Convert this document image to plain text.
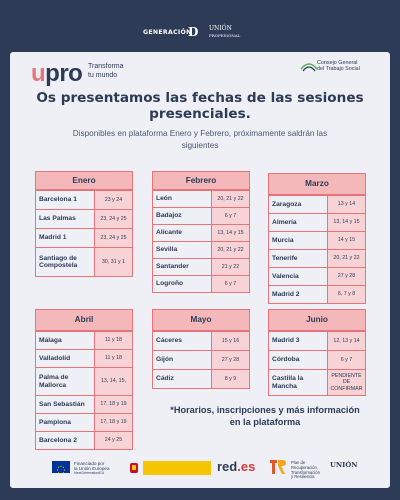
GENERACIÓN
D UNIÓN
PROFESIONAL
upro Transforma
tu mundo
Consejo General
del Trabajo Social
Os presentamos las fechas de las sesiones
presenciales.
Disponibles en plataforma Enero y Febrero, próximamente saldrán las
siguientes
Enero
Barcelona 1	23 y 24
Las Palmas	23, 24 y 25
Madrid 1	23, 24 y 25
Santiago de Compostela
30, 31 y 1
Febrero
León	20, 21 y 22
Badajoz	6 y 7
Alicante	13, 14 y 15
Sevilla	20, 21 y 22
Santander	21 y 22
Logroño	6 y 7
Marzo
Zaragoza	13 y 14
Almería	13, 14 y 15
Murcia	14 y 15
Tenerife	20, 21 y 22
Valencia	27 y 28
Madrid 2	6, 7 y 8
Abril
Málaga	11 y 18
Valladolid	11 y 18
Palma de Mallorca
13, 14, 15,
San Sebastián	17, 18 y 19
Pamplona	17, 18 y 19
Barcelona 2	24 y 25
Mayo
Cáceres	15 y 16
Gijón	27 y 28
Cádiz	8 y 9
Junio
Madrid 3	12, 13 y 14
Córdoba	6 y 7
Castilla la Mancha
PENDIENTE DE CONFIRMAR
*Horarios, inscripciones y más información
en la plataforma
Financiado por
la Unión Europea
NextGenerationEU	red.es	Plan de
Recuperación,
Transformación
y Resiliencia
UNIÓN
